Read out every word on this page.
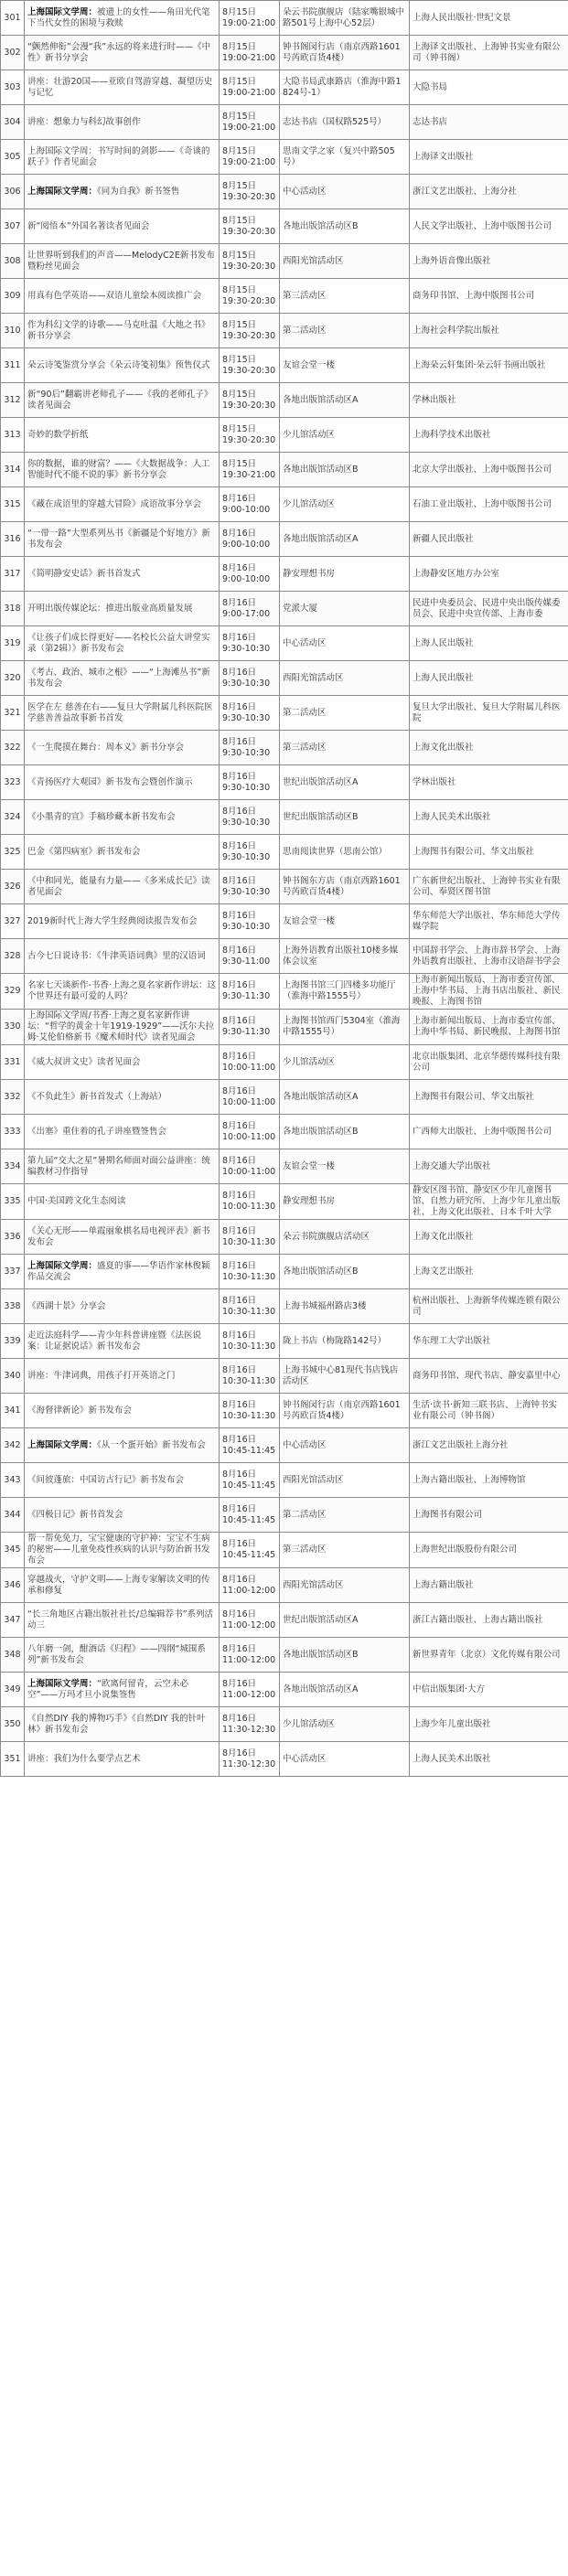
301	上海国际文学周：被遗上的女性——角田光代笔下当代女性的困境与救赎	8月15日
19:00-21:00	朵云书院旗舰店（陆家嘴银城中路501号上海中心52层）	上海人民出版社·世纪文景
302	“颤然伸衔”会漫“我”永远的将来进行时——《中性》新书分享会	8月15日
19:00-21:00	钟书阁闵行店（南京西路1601号芮欧百货4楼）	上海译文出版社、上海钟书实业有限公司（钟书阁）
303	讲座：壮游20国——亚欧自驾游穿越、凝望历史与记忆	8月15日
19:00-21:00	大隐书局武康路店（淮海中路1824号-1）	大隐书局
304	讲座：想象力与科幻故事创作	8月15日
19:00-21:00	志达书店（国权路525号）	志达书店
305	上海国际文学周：书写时间的剑影——《奇谈的跃子》作者见面会	8月15日
19:00-21:00	思南文学之家（复兴中路505号）	上海译文出版社
306	上海国际文学周：《同为自我》新书签售	8月15日
19:30-20:30	中心活动区	浙江文艺出版社、上海分社
307	新“阅悟本”外国名著读者见面会	8月15日
19:30-20:30	各地出版馆活动区B	人民文学出版社、上海中版图书公司
308	让世界听到我们的声音——MelodyC2E新书发布暨粉丝见面会	8月15日
19:30-20:30	西阳光馆活动区	上海外语音像出版社
309	用真有色学英语——双语儿童绘本阅读推广会	8月15日
19:30-20:30	第三活动区	商务印书馆、上海中版图书公司
310	作为科幻文学的诗歌——马克吐温《大地之书》新书分享会	8月15日
19:30-20:30	第二活动区	上海社会科学院出版社
311	朵云诗笺鉴赏分享会《朵云诗笺初集》预售仪式	8月15日
19:30-20:30	友谊会堂一楼	上海朵云轩集团·朵云轩书画出版社
312	新“90后”翻霸讲老师孔子——《我的老师孔子》读者见面会	8月15日
19:30-20:30	各地出版馆活动区A	学林出版社
313	奇妙的数学折纸	8月15日
19:30-20:30	少儿馆活动区	上海科学技术出版社
314	你的数据，谁的财富？——《大数据战争：人工智能时代不能不说的事》新书分享会	8月15日
19:30-21:00	各地出版馆活动区B	北京大学出版社、上海中版图书公司
315	《藏在成语里的穿越大冒险》成语故事分享会	8月16日
9:00-10:00	少儿馆活动区	石油工业出版社、上海中版图书公司
316	“一带一路”大型系列丛书《新疆是个好地方》新书发布会	8月16日
9:00-10:00	各地出版馆活动区A	新疆人民出版社
317	《简明静安史话》新书首发式	8月16日
9:00-10:00	静安理想书房	上海静安区地方办公室
318	开明出版传媒论坛：推进出版业高质量发展	8月16日
9:00-17:00	党派大厦	民进中央委员会、民进中央出版传媒委员会、民进中央宣传部、上海市委
319	《让孩子们成长得更好——名校长公益大讲堂实录（第2辑）》新书发布会	8月16日
9:30-10:30	中心活动区	上海人民出版社
320	《考古、政治、城市之根》——“上海滩丛书”新书发布会	8月16日
9:30-10:30	西阳光馆活动区	上海人民出版社
321	医学在左 慈善在右——复旦大学附属儿科医院医学慈善善益故事新书首发	8月16日
9:30-10:30	第二活动区	复旦大学出版社、复旦大学附属儿科医院
322	《一生爬摸在舞台：周本义》新书分享会	8月16日
9:30-10:30	第三活动区	上海文化出版社
323	《青扬医疗大观园》新书发布会暨创作演示	8月16日
9:30-10:30	世纪出版馆活动区A	学林出版社
324	《小墨青的宣》手稿珍藏本新书发布会	8月16日
9:30-10:30	世纪出版馆活动区B	上海人民美术出版社
325	巴金《第四病室》新书发布会	8月16日
9:30-10:30	思南阅读世界（思南公馆）	上海图书有限公司、华文出版社
326	《中和同光，能量有力量——《多米成长记》读者见面会	8月16日
9:30-10:30	钟书阁东方店（南京西路1601号芮欧百货4楼）	广东新世纪出版社、上海钟书实业有限公司、奉贤区图书馆
327	2019新时代上海大学生经典阅读报告发布会	8月16日
9:30-10:30	友谊会堂一楼	华东师范大学出版社、华东师范大学传媒学院
328	古今七日说诗书：《牛津英语词典》里的汉语词	8月16日
9:30-11:00	上海外语教育出版社10楼多媒体会议室	中国辞书学会、上海市辞书学会、上海外语教育出版社、上海市汉语辞书学会
329	名家七天谈新作-书香·上海之夏名家新作讲坛：这个世界还有最可爱的人吗？	8月16日
9:30-11:30	上海图书馆三门四楼多功能厅（淮海中路1555号）	上海市新闻出版局、上海市委宣传部、上海中华书局、上海书店出版社、新民晚报、上海图书馆
330	上海国际文学周/书香·上海之夏名家新作讲坛：“哲学的黄金十年1919-1929”——沃尔夫拉姆·艾伦伯格新书《魔术师时代》读者见面会	8月16日
9:30-11:30	上海图书馆西门5304室（淮海中路1555号）	上海市新闻出版局、上海市委宣传部、上海中华书局、新民晚报、上海图书馆
331	《威大叔讲文史》读者见面会	8月16日
10:00-11:00	少儿馆活动区	北京出版集团、北京华德传媒科技有限公司
332	《不负此生》新书首发式（上海站）	8月16日
10:00-11:00	各地出版馆活动区A	上海图书有限公司、华文出版社
333	《出塞》重住着的孔子讲座暨签售会	8月16日
10:00-11:00	各地出版馆活动区B	广西师大出版社、上海中版图书公司
334	第九届“交大之星”暑期名师面对面公益讲座：统编教材习作指导	8月16日
10:00-11:00	友谊会堂一楼	上海交通大学出版社
335	中国·美国跨文化生态阅读	8月16日
10:00-11:30	静安理想书房	静安区图书馆、静安区少年儿童图书馆、自然力研究所、上海少年儿童出版社、上海文化出版社、日本千叶大学
336	《关心无形——单霞丽象棋名局电视评表》新书发布会	8月16日
10:30-11:30	朵云书院旗舰店活动区	上海文化出版社
337	上海国际文学周：盛夏的事——华语作家林俊颖作品交流会	8月16日
10:30-11:30	各地出版馆活动区B	上海文艺出版社
338	《西湖十景》分享会	8月16日
10:30-11:30	上海书城福州路店3楼	杭州出版社、上海新华传媒连锁有限公司
339	走近法庭科学——青少年科普讲座暨《法医说案：让证据说话》新书发布会	8月16日
10:30-11:30	陇上书店（梅陇路142号）	华东理工大学出版社
340	讲座：牛津词典，用孩子打开英语之门	8月16日
10:30-11:30	上海书城中心81现代书店钱店活动区	商务印书馆、现代书店、静安嘉里中心
341	《海督律新论》新书发布会	8月16日
10:30-11:30	钟书阁闵行店（南京西路1601号芮欧百货4楼）	生活·读书·新知三联书店、上海钟书实业有限公司（钟书阁）
342	上海国际文学周：《从一个蛋开始》新书发布会	8月16日
10:45-11:45	中心活动区	浙江文艺出版社上海分社
343	《间彼蓬旅：中国访古行记》新书发布会	8月16日
10:45-11:45	西阳光馆活动区	上海古籍出版社、上海博物馆
344	《四极日记》新书首发会	8月16日
10:45-11:45	第二活动区	上海图书有限公司
345	帮一帮免免力，宝宝健康的守护神：宝宝不生病的秘密——儿童免疫性疾病的认识与防治新书发布会	8月16日
10:45-11:45	第三活动区	上海世纪出版股份有限公司
346	穿越战火，守护文明——上海专家解读文明的传承和修复	8月16日
11:00-12:00	西阳光馆活动区	上海古籍出版社
347	“长三角地区古籍出版社社长/总编辑荐书”系列活动三	8月16日
11:00-12:00	世纪出版馆活动区A	浙江古籍出版社、上海古籍出版社
348	八年磨一剑，酣酒话《归程》——四纲“城围系列”新书发布会	8月16日
11:00-12:00	各地出版馆活动区B	新世界青年（北京）文化传媒有限公司
349	上海国际文学周：“欧离何留青，云空未必空”——万玛才旦小说集签售	8月16日
11:00-12:00	各地出版馆活动区A	中信出版集团·大方
350	《自然DIY 我的博物巧手》《自然DIY 我的针叶林》新书发布会	8月16日
11:30-12:30	少儿馆活动区	上海少年儿童出版社
351	讲座：我们为什么要学点艺术	8月16日
11:30-12:30	中心活动区	上海人民美术出版社
